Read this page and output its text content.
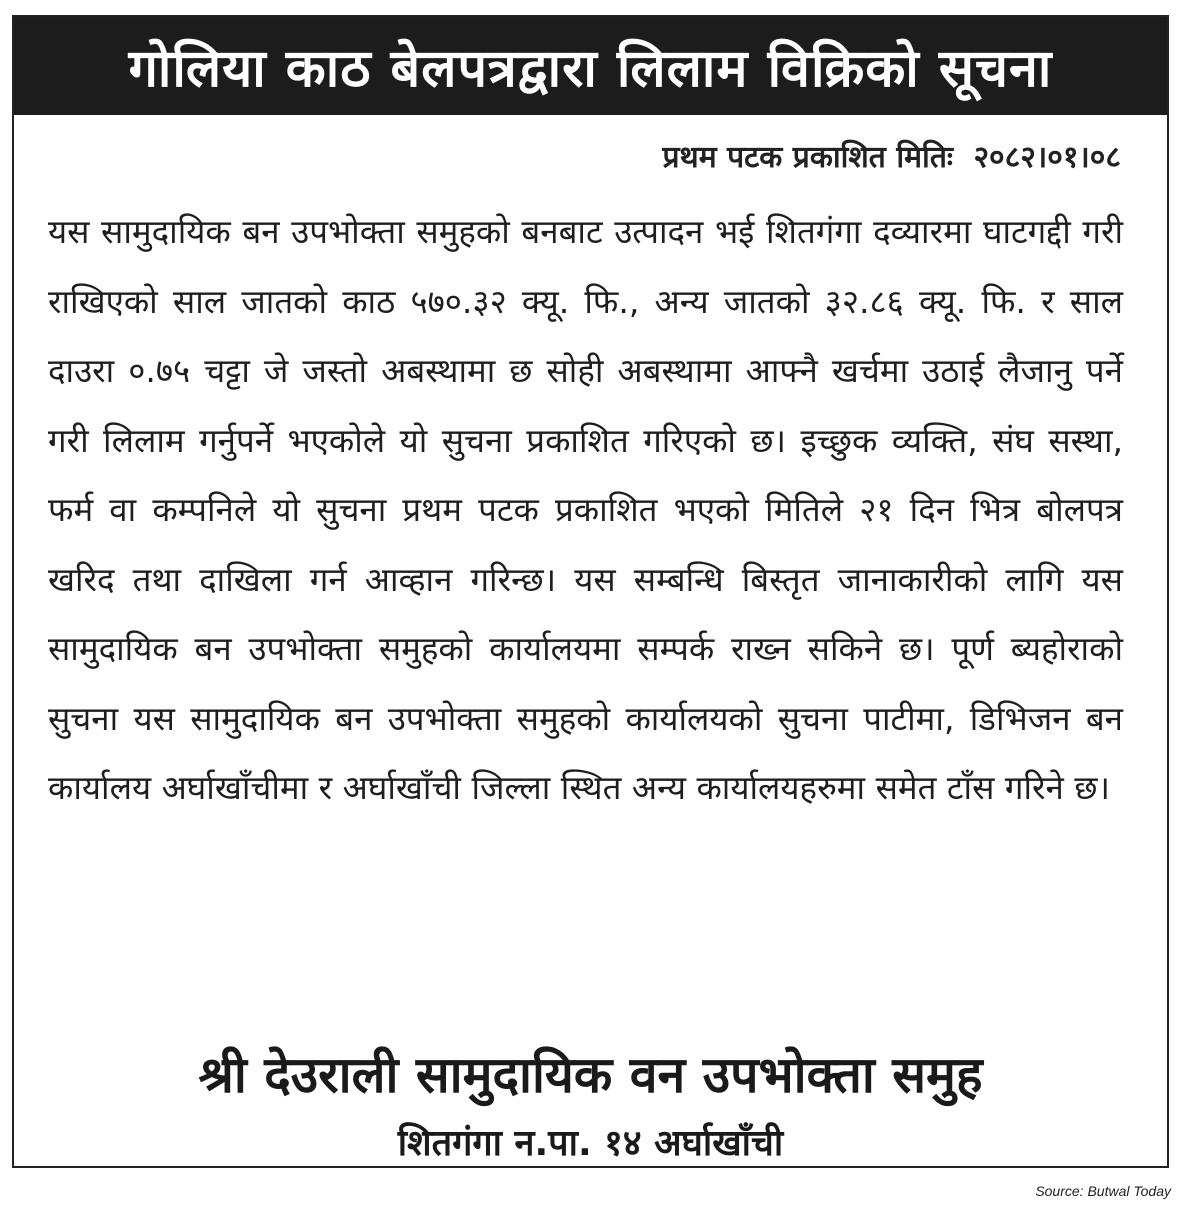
गोलिया काठ बेलपत्रद्वारा लिलाम विक्रिको सूचना
प्रथम पटक प्रकाशित मितिः २०८२।०१।०८
यस सामुदायिक बन उपभोक्ता समुहको बनबाट उत्पादन भई शितगंगा दव्यारमा घाटगद्दी गरी राखिएको साल जातको काठ ५७०.३२ क्यू. फि., अन्य जातको ३२.८६ क्यू. फि. र साल दाउरा ०.७५ चट्टा जे जस्तो अबस्थामा छ सोही अबस्थामा आफ्नै खर्चमा उठाई लैजानु पर्ने गरी लिलाम गर्नुपर्ने भएकोले यो सुचना प्रकाशित गरिएको छ। इच्छुक व्यक्ति, संघ सस्था, फर्म वा कम्पनिले यो सुचना प्रथम पटक प्रकाशित भएको मितिले २१ दिन भित्र बोलपत्र खरिद तथा दाखिला गर्न आव्हान गरिन्छ। यस सम्बन्धि बिस्तृत जानाकारीको लागि यस सामुदायिक बन उपभोक्ता समुहको कार्यालयमा सम्पर्क राख्न सकिने छ। पूर्ण ब्यहोराको सुचना यस सामुदायिक बन उपभोक्ता समुहको कार्यालयको सुचना पाटीमा, डिभिजन बन कार्यालय अर्घाखाँचीमा र अर्घाखाँची जिल्ला स्थित अन्य कार्यालयहरुमा समेत टाँस गरिने छ।
श्री देउराली सामुदायिक वन उपभोक्ता समुह
शितगंगा न.पा. १४ अर्घाखाँची
Source: Butwal Today
